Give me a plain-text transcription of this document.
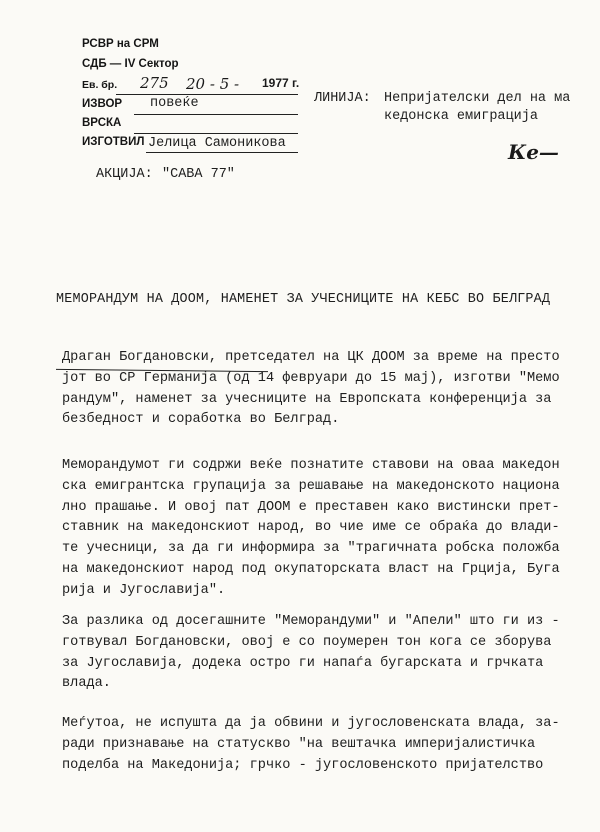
РСВР на СРМ
СДБ — IV Сектор
Ев. бр.
ИЗВОР
ВРСКА
ИЗГОТВИЛ
275 20 - 5 - 1977 г.
повеќе
Јелица Самоникова
ЛИНИЈА: Непријателски дел на ма
кедонска емиграција
Ке—
АКЦИЈА: "САВА 77"
МЕМОРАНДУМ НА ДООМ, НАМЕНЕТ ЗА УЧЕСНИЦИТЕ НА КЕБС ВО БЕЛГРАД
Драган Богдановски, претседател на ЦК ДООМ за време на престо
јот во СР Германија (од 14 февруари до 15 мај), изготви "Мемо
рандум", наменет за учесниците на Европската конференција за
безбедност и соработка во Белград.
Меморандумот ги содржи веќе познатите ставови на оваа македон
ска емигрантска групација за решавање на македонското национа
лно прашање. И овој пат ДООМ е преставен како вистински прет-
ставник на македонскиот народ, во чие име се обраќа до влади-
те учесници, за да ги информира за "трагичната робска положба
на македонскиот народ под окупаторската власт на Грција, Буга
рија и Југославија".
За разлика од досегашните "Меморандуми" и "Апели" што ги из -
готвувал Богдановски, овој е со поумерен тон кога се зборува
за Југославија, додека остро ги напаѓа бугарската и грчката
влада.
Меѓутоа, не испушта да ја обвини и југословенската влада, за-
ради признавање на статускво "на вештачка империјалистичка
поделба на Македонија; грчко - југословенското пријателство
